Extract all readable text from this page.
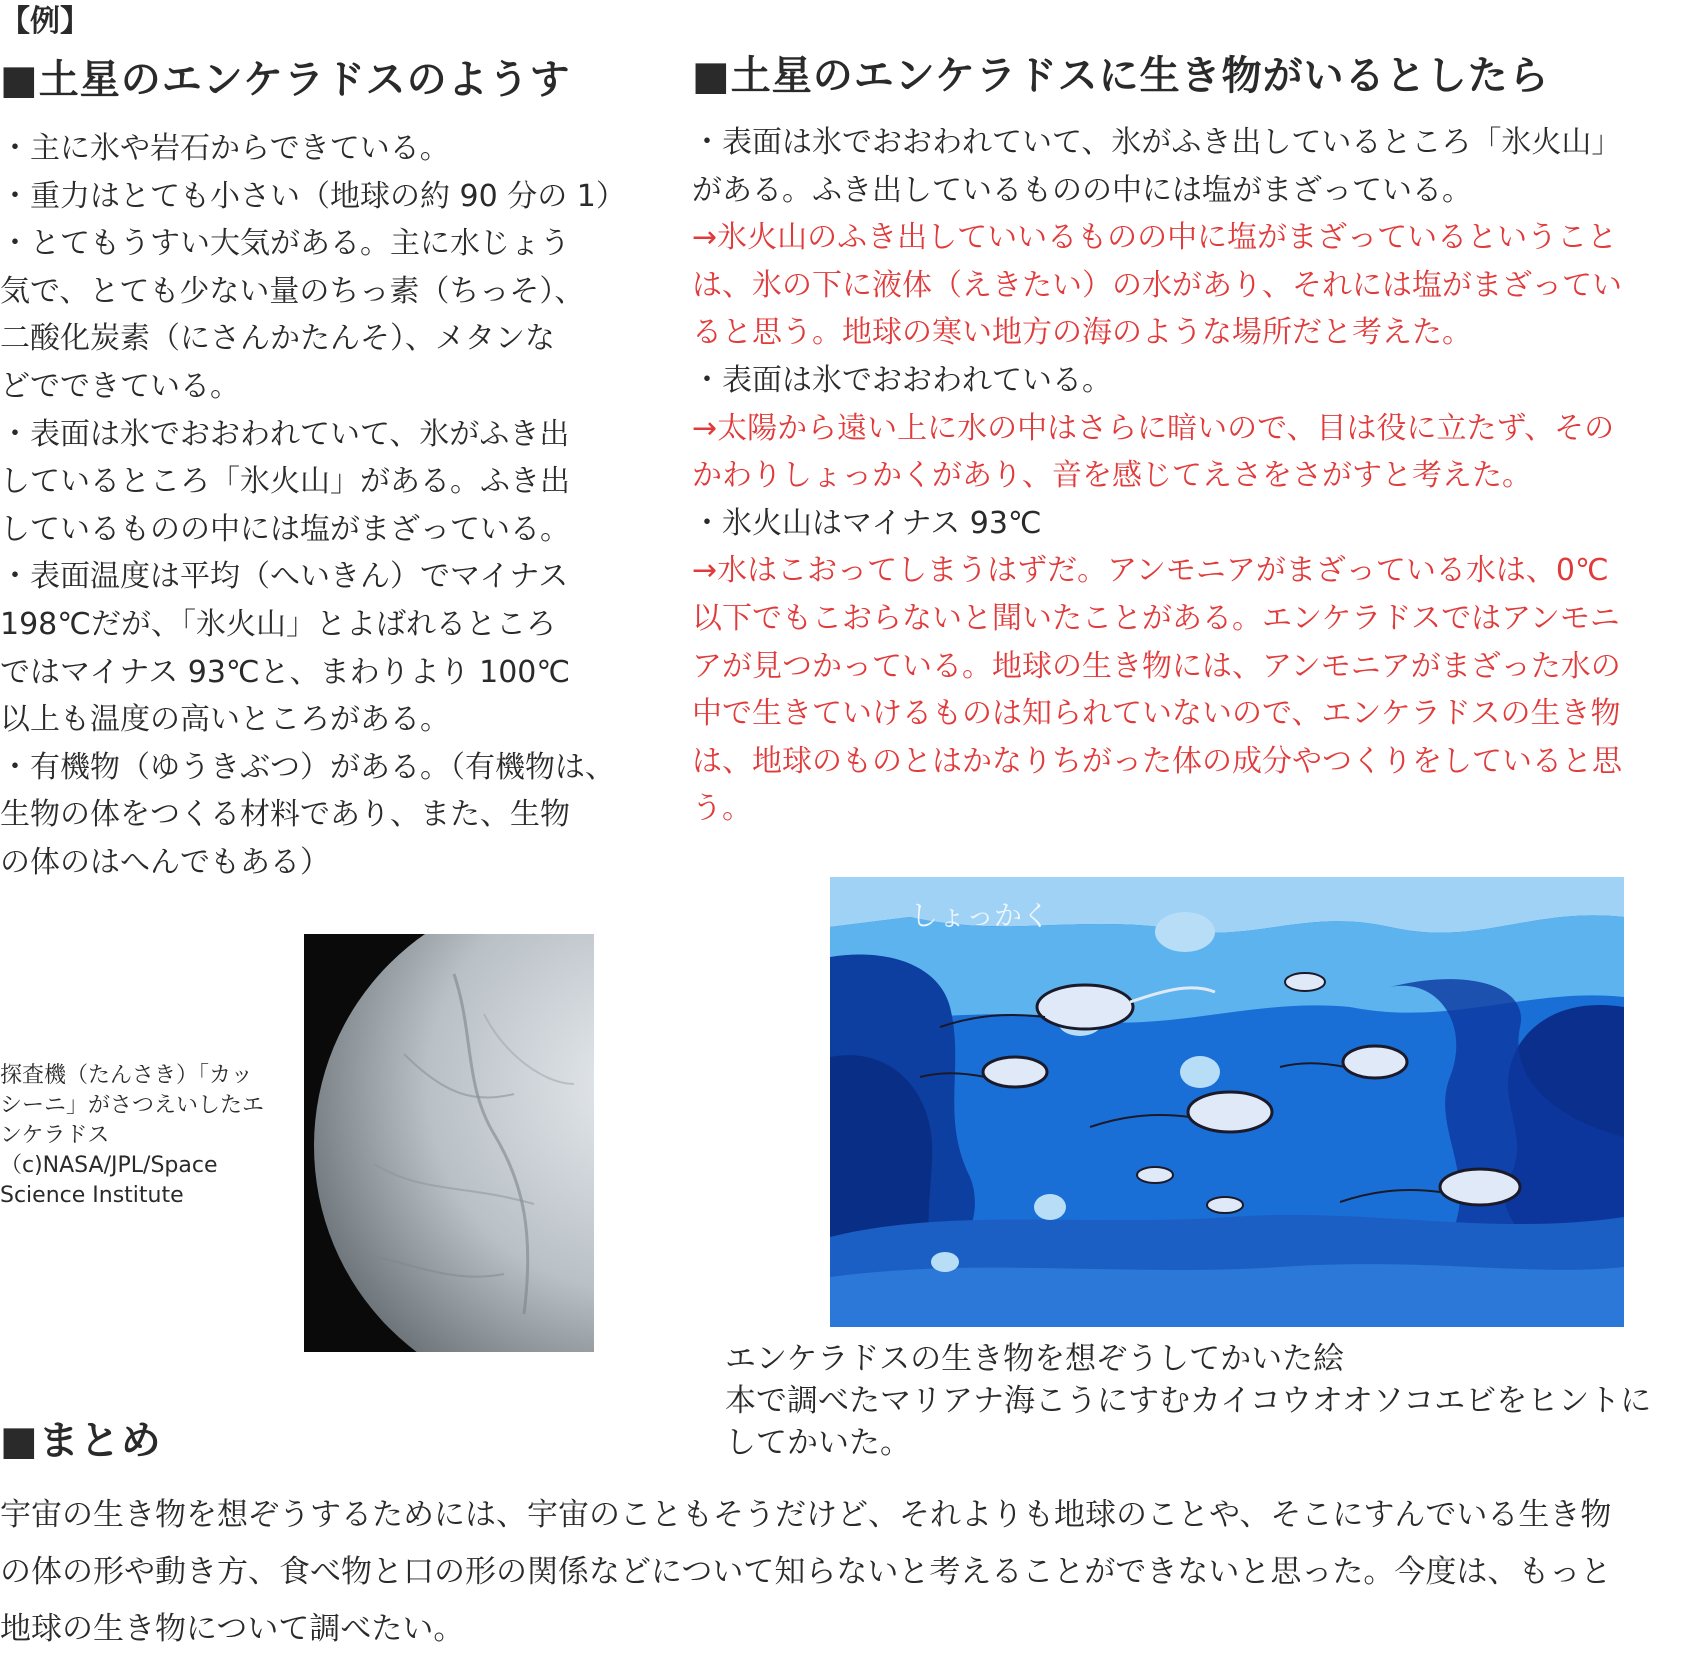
【例】
■土星のエンケラドスのようす
・主に氷や岩石からできている。
・重力はとても小さい（地球の約 90 分の 1）
・とてもうすい大気がある。主に水じょう
気で、とても少ない量のちっ素（ちっそ）、
二酸化炭素（にさんかたんそ）、メタンな
どでできている。
・表面は氷でおおわれていて、氷がふき出
しているところ「氷火山」がある。ふき出
しているものの中には塩がまざっている。
・表面温度は平均（へいきん）でマイナス
198℃だが、「氷火山」とよばれるところ
ではマイナス 93℃と、まわりより 100℃
以上も温度の高いところがある。
・有機物（ゆうきぶつ）がある。（有機物は、
生物の体をつくる材料であり、また、生物
の体のはへんでもある）
■土星のエンケラドスに生き物がいるとしたら
・表面は氷でおおわれていて、氷がふき出しているところ「氷火山」
がある。ふき出しているものの中には塩がまざっている。
→氷火山のふき出していいるものの中に塩がまざっているということ
は、氷の下に液体（えきたい）の水があり、それには塩がまざってい
ると思う。地球の寒い地方の海のような場所だと考えた。
・表面は氷でおおわれている。
→太陽から遠い上に水の中はさらに暗いので、目は役に立たず、その
かわりしょっかくがあり、音を感じてえさをさがすと考えた。
・氷火山はマイナス 93℃
→水はこおってしまうはずだ。アンモニアがまざっている水は、0℃
以下でもこおらないと聞いたことがある。エンケラドスではアンモニ
アが見つかっている。地球の生き物には、アンモニアがまざった水の
中で生きていけるものは知られていないので、エンケラドスの生き物
は、地球のものとはかなりちがった体の成分やつくりをしていると思
う。
探査機（たんさき）「カッ
シーニ」がさつえいしたエ
ンケラドス
（c)NASA/JPL/Space
Science Institute
しょっかく
エンケラドスの生き物を想ぞうしてかいた絵
本で調べたマリアナ海こうにすむカイコウオオソコエビをヒントに
してかいた。
■まとめ
宇宙の生き物を想ぞうするためには、宇宙のこともそうだけど、それよりも地球のことや、そこにすんでいる生き物
の体の形や動き方、食べ物と口の形の関係などについて知らないと考えることができないと思った。今度は、もっと
地球の生き物について調べたい。
